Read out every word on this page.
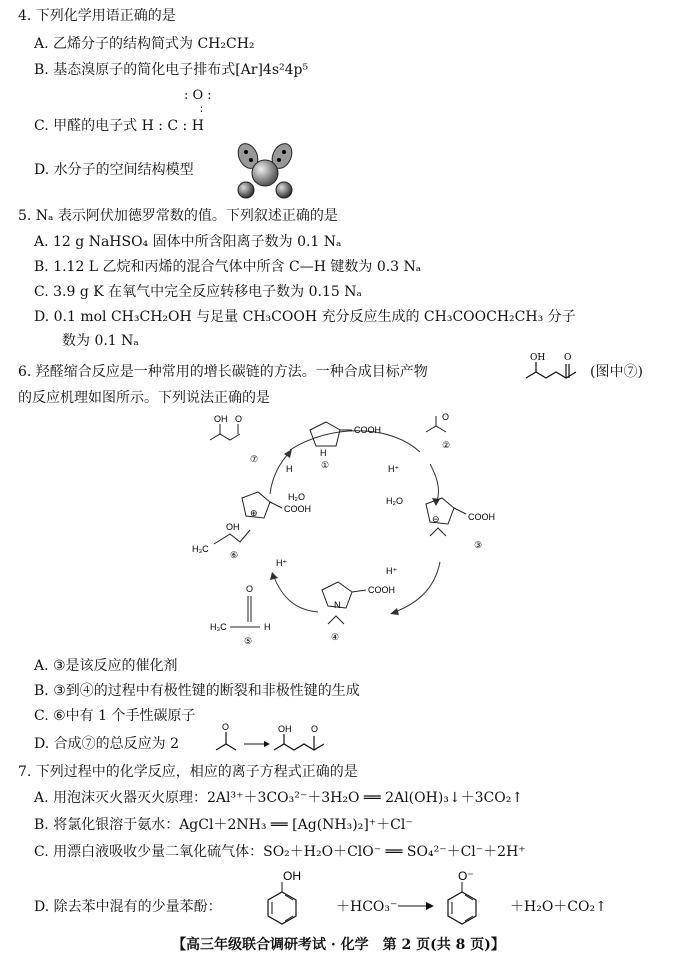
4. 下列化学用语正确的是
A. 乙烯分子的结构简式为 CH₂CH₂
B. 基态溴原子的简化电子排布式[Ar]4s²4p⁵
: O :
∶
C. 甲醛的电子式 H : C : H
D. 水分子的空间结构模型
5. Nₐ 表示阿伏加德罗常数的值。下列叙述正确的是
A. 12 g NaHSO₄ 固体中所含阳离子数为 0.1 Nₐ
B. 1.12 L 乙烷和丙烯的混合气体中所含 C—H 键数为 0.3 Nₐ
C. 3.9 g K 在氧气中完全反应转移电子数为 0.15 Nₐ
D. 0.1 mol CH₃CH₂OH 与足量 CH₃COOH 充分反应生成的 CH₃COOCH₂CH₃ 分子
数为 0.1 Nₐ
6. 羟醛缩合反应是一种常用的增长碳链的方法。一种合成目标产物
OH O
(图中⑦)
的反应机理如图所示。下列说法正确的是
OH O
⑦
H
COOH
H
①
O
②
H⁺
H₂O
COOH
⊖
③
H⁺
COOH
N
④
H⁺
O
H₃C	H
⑤
⊕	COOH
H₂O
OH
H₃C
⑥
A. ③是该反应的催化剂
B. ③到④的过程中有极性键的断裂和非极性键的生成
C. ⑥中有 1 个手性碳原子
D. 合成⑦的总反应为 2
O	OH O
7. 下列过程中的化学反应，相应的离子方程式正确的是
A. 用泡沫灭火器灭火原理：2Al³⁺＋3CO₃²⁻＋3H₂O ══ 2Al(OH)₃↓＋3CO₂↑
B. 将氯化银溶于氨水：AgCl＋2NH₃ ══ [Ag(NH₃)₂]⁺＋Cl⁻
C. 用漂白液吸收少量二氧化硫气体：SO₂＋H₂O＋ClO⁻ ══ SO₄²⁻＋Cl⁻＋2H⁺
D. 除去苯中混有的少量苯酚：
OH
＋HCO₃⁻
O⁻
＋H₂O＋CO₂↑
【高三年级联合调研考试 · 化学　第 2 页(共 8 页)】
